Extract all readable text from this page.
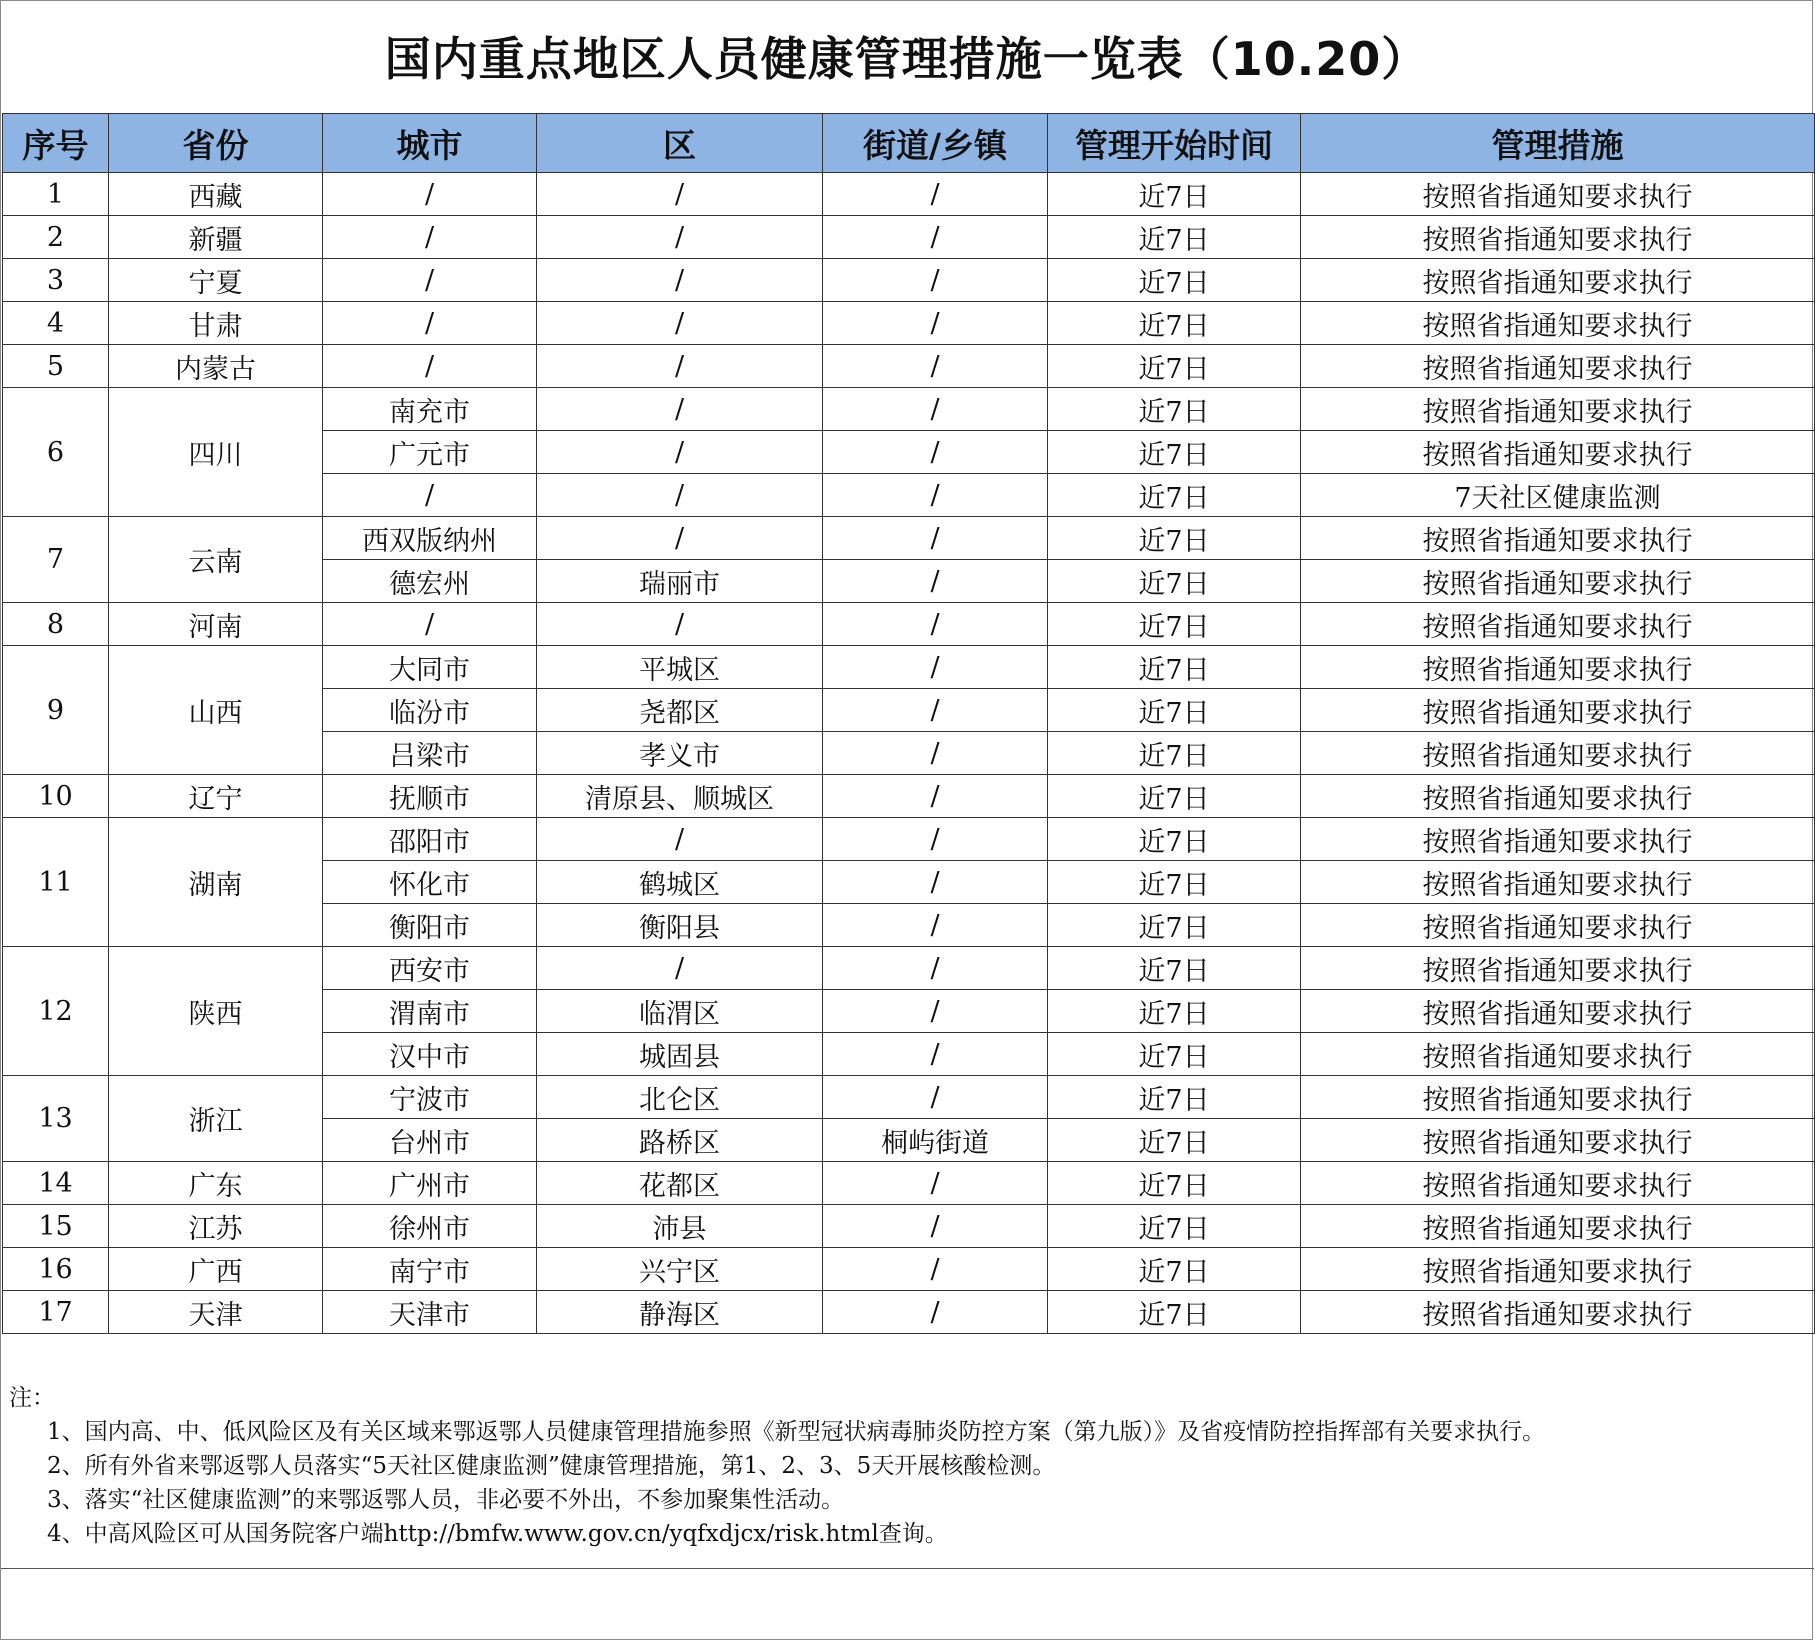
国内重点地区人员健康管理措施一览表（10.20）
序号	省份	城市	区	街道/乡镇	管理开始时间	管理措施
1	西藏	/	/	/	近7日	按照省指通知要求执行
2	新疆	/	/	/	近7日	按照省指通知要求执行
3	宁夏	/	/	/	近7日	按照省指通知要求执行
4	甘肃	/	/	/	近7日	按照省指通知要求执行
5	内蒙古	/	/	/	近7日	按照省指通知要求执行
6	四川	南充市	/	/	近7日	按照省指通知要求执行
		广元市	/	/	近7日	按照省指通知要求执行
		/	/	/	近7日	7天社区健康监测
7	云南	西双版纳州	/	/	近7日	按照省指通知要求执行
		德宏州	瑞丽市	/	近7日	按照省指通知要求执行
8	河南	/	/	/	近7日	按照省指通知要求执行
9	山西	大同市	平城区	/	近7日	按照省指通知要求执行
		临汾市	尧都区	/	近7日	按照省指通知要求执行
		吕梁市	孝义市	/	近7日	按照省指通知要求执行
10	辽宁	抚顺市	清原县、顺城区	/	近7日	按照省指通知要求执行
11	湖南	邵阳市	/	/	近7日	按照省指通知要求执行
		怀化市	鹤城区	/	近7日	按照省指通知要求执行
		衡阳市	衡阳县	/	近7日	按照省指通知要求执行
12	陕西	西安市	/	/	近7日	按照省指通知要求执行
		渭南市	临渭区	/	近7日	按照省指通知要求执行
		汉中市	城固县	/	近7日	按照省指通知要求执行
13	浙江	宁波市	北仑区	/	近7日	按照省指通知要求执行
		台州市	路桥区	桐屿街道	近7日	按照省指通知要求执行
14	广东	广州市	花都区	/	近7日	按照省指通知要求执行
15	江苏	徐州市	沛县	/	近7日	按照省指通知要求执行
16	广西	南宁市	兴宁区	/	近7日	按照省指通知要求执行
17	天津	天津市	静海区	/	近7日	按照省指通知要求执行
注：
1、国内高、中、低风险区及有关区域来鄂返鄂人员健康管理措施参照《新型冠状病毒肺炎防控方案（第九版）》及省疫情防控指挥部有关要求执行。
2、所有外省来鄂返鄂人员落实“5天社区健康监测”健康管理措施，第1、2、3、5天开展核酸检测。
3、落实“社区健康监测”的来鄂返鄂人员，非必要不外出，不参加聚集性活动。
4、中高风险区可从国务院客户端http://bmfw.www.gov.cn/yqfxdjcx/risk.html查询。
